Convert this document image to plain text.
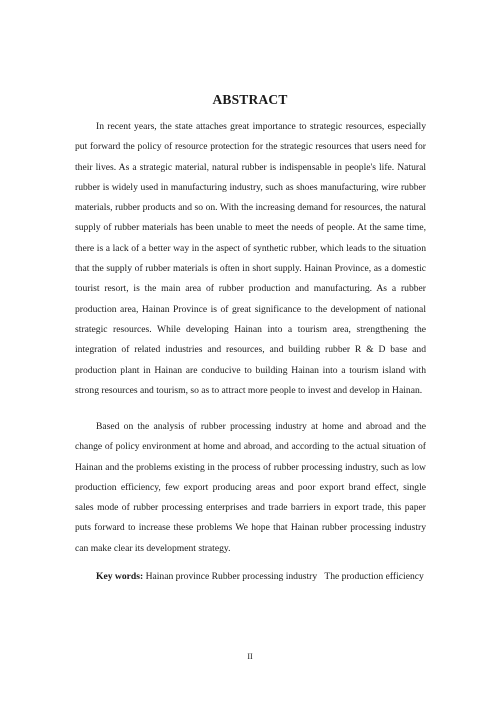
ABSTRACT

In recent years, the state attaches great importance to strategic resources, especially put forward the policy of resource protection for the strategic resources that users need for their lives. As a strategic material, natural rubber is indispensable in people's life. Natural rubber is widely used in manufacturing industry, such as shoes manufacturing, wire rubber materials, rubber products and so on. With the increasing demand for resources, the natural supply of rubber materials has been unable to meet the needs of people. At the same time, there is a lack of a better way in the aspect of synthetic rubber, which leads to the situation that the supply of rubber materials is often in short supply. Hainan Province, as a domestic tourist resort, is the main area of rubber production and manufacturing. As a rubber production area, Hainan Province is of great significance to the development of national strategic resources. While developing Hainan into a tourism area, strengthening the integration of related industries and resources, and building rubber R & D base and production plant in Hainan are conducive to building Hainan into a tourism island with strong resources and tourism, so as to attract more people to invest and develop in Hainan.

Based on the analysis of rubber processing industry at home and abroad and the change of policy environment at home and abroad, and according to the actual situation of Hainan and the problems existing in the process of rubber processing industry, such as low production efficiency, few export producing areas and poor export brand effect, single sales mode of rubber processing enterprises and trade barriers in export trade, this paper puts forward to increase these problems We hope that Hainan rubber processing industry can make clear its development strategy.

Key words: Hainan province Rubber processing industry   The production efficiency

II
